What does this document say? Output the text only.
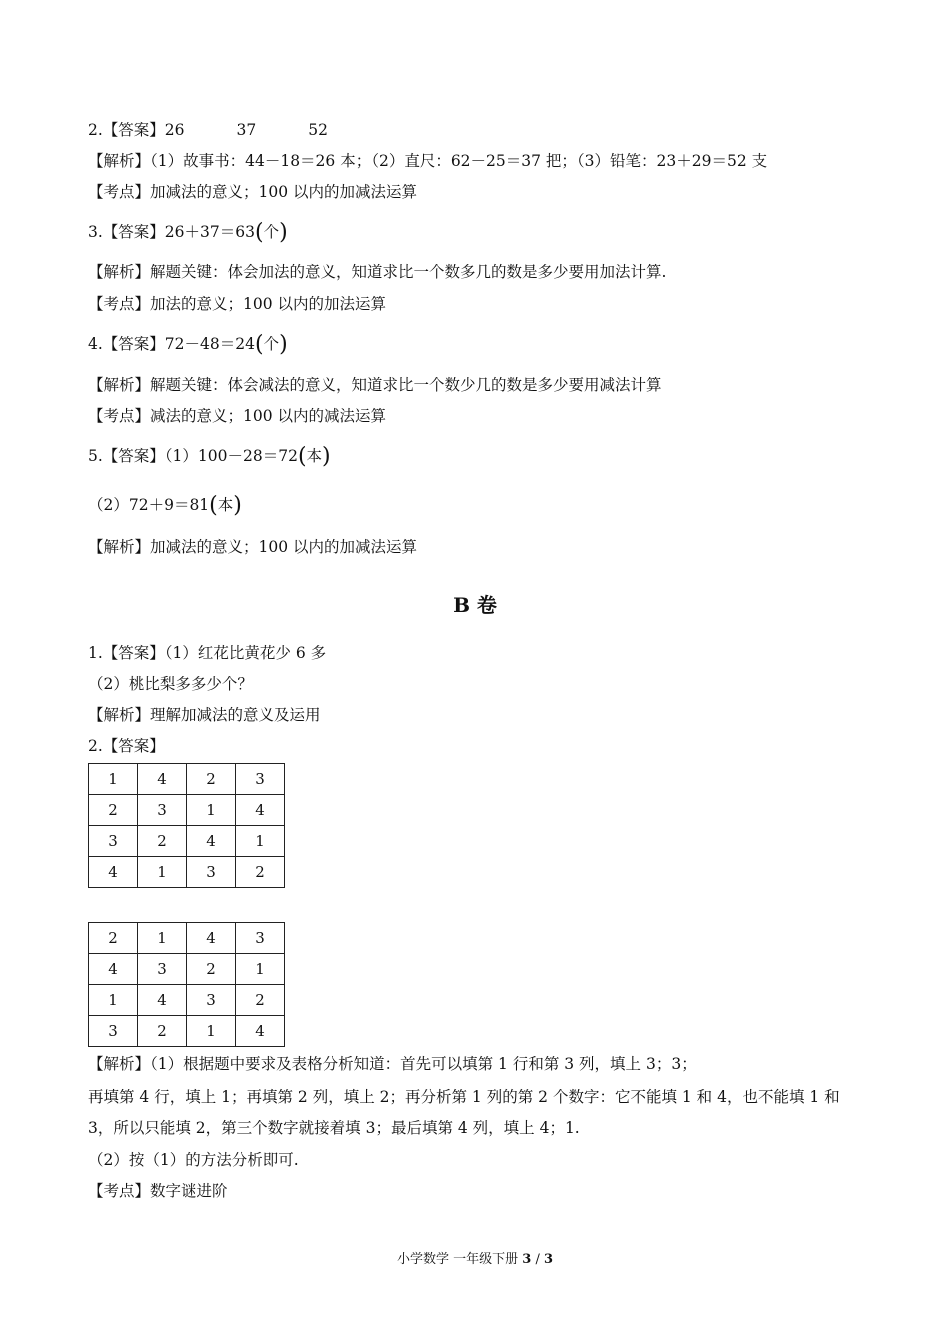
2.【答案】26	37	52
【解析】（1）故事书：44－18＝26 本；（2）直尺：62－25＝37 把；（3）铅笔：23＋29＝52 支
【考点】加减法的意义；100 以内的加减法运算
3.【答案】26＋37＝63(个)
【解析】解题关键：体会加法的意义，知道求比一个数多几的数是多少要用加法计算.
【考点】加法的意义；100 以内的加法运算
4.【答案】72－48＝24(个)
【解析】解题关键：体会减法的意义，知道求比一个数少几的数是多少要用减法计算
【考点】减法的意义；100 以内的减法运算
5.【答案】（1）100－28＝72(本)
（2）72＋9＝81(本)
【解析】加减法的意义；100 以内的加减法运算
B 卷
1.【答案】（1）红花比黄花少 6 多
（2）桃比梨多多少个？
【解析】理解加减法的意义及运用
2.【答案】
1	4	2	3
2	3	1	4
3	2	4	1
4	1	3	2
2	1	4	3
4	3	2	1
1	4	3	2
3	2	1	4
【解析】（1）根据题中要求及表格分析知道：首先可以填第 1 行和第 3 列，填上 3；3；
再填第 4 行，填上 1；再填第 2 列，填上 2；再分析第 1 列的第 2 个数字：它不能填 1 和 4，也不能填 1 和
3，所以只能填 2，第三个数字就接着填 3；最后填第 4 列，填上 4；1.
（2）按（1）的方法分析即可.
【考点】数字谜进阶
小学数学 一年级下册 3 / 3
